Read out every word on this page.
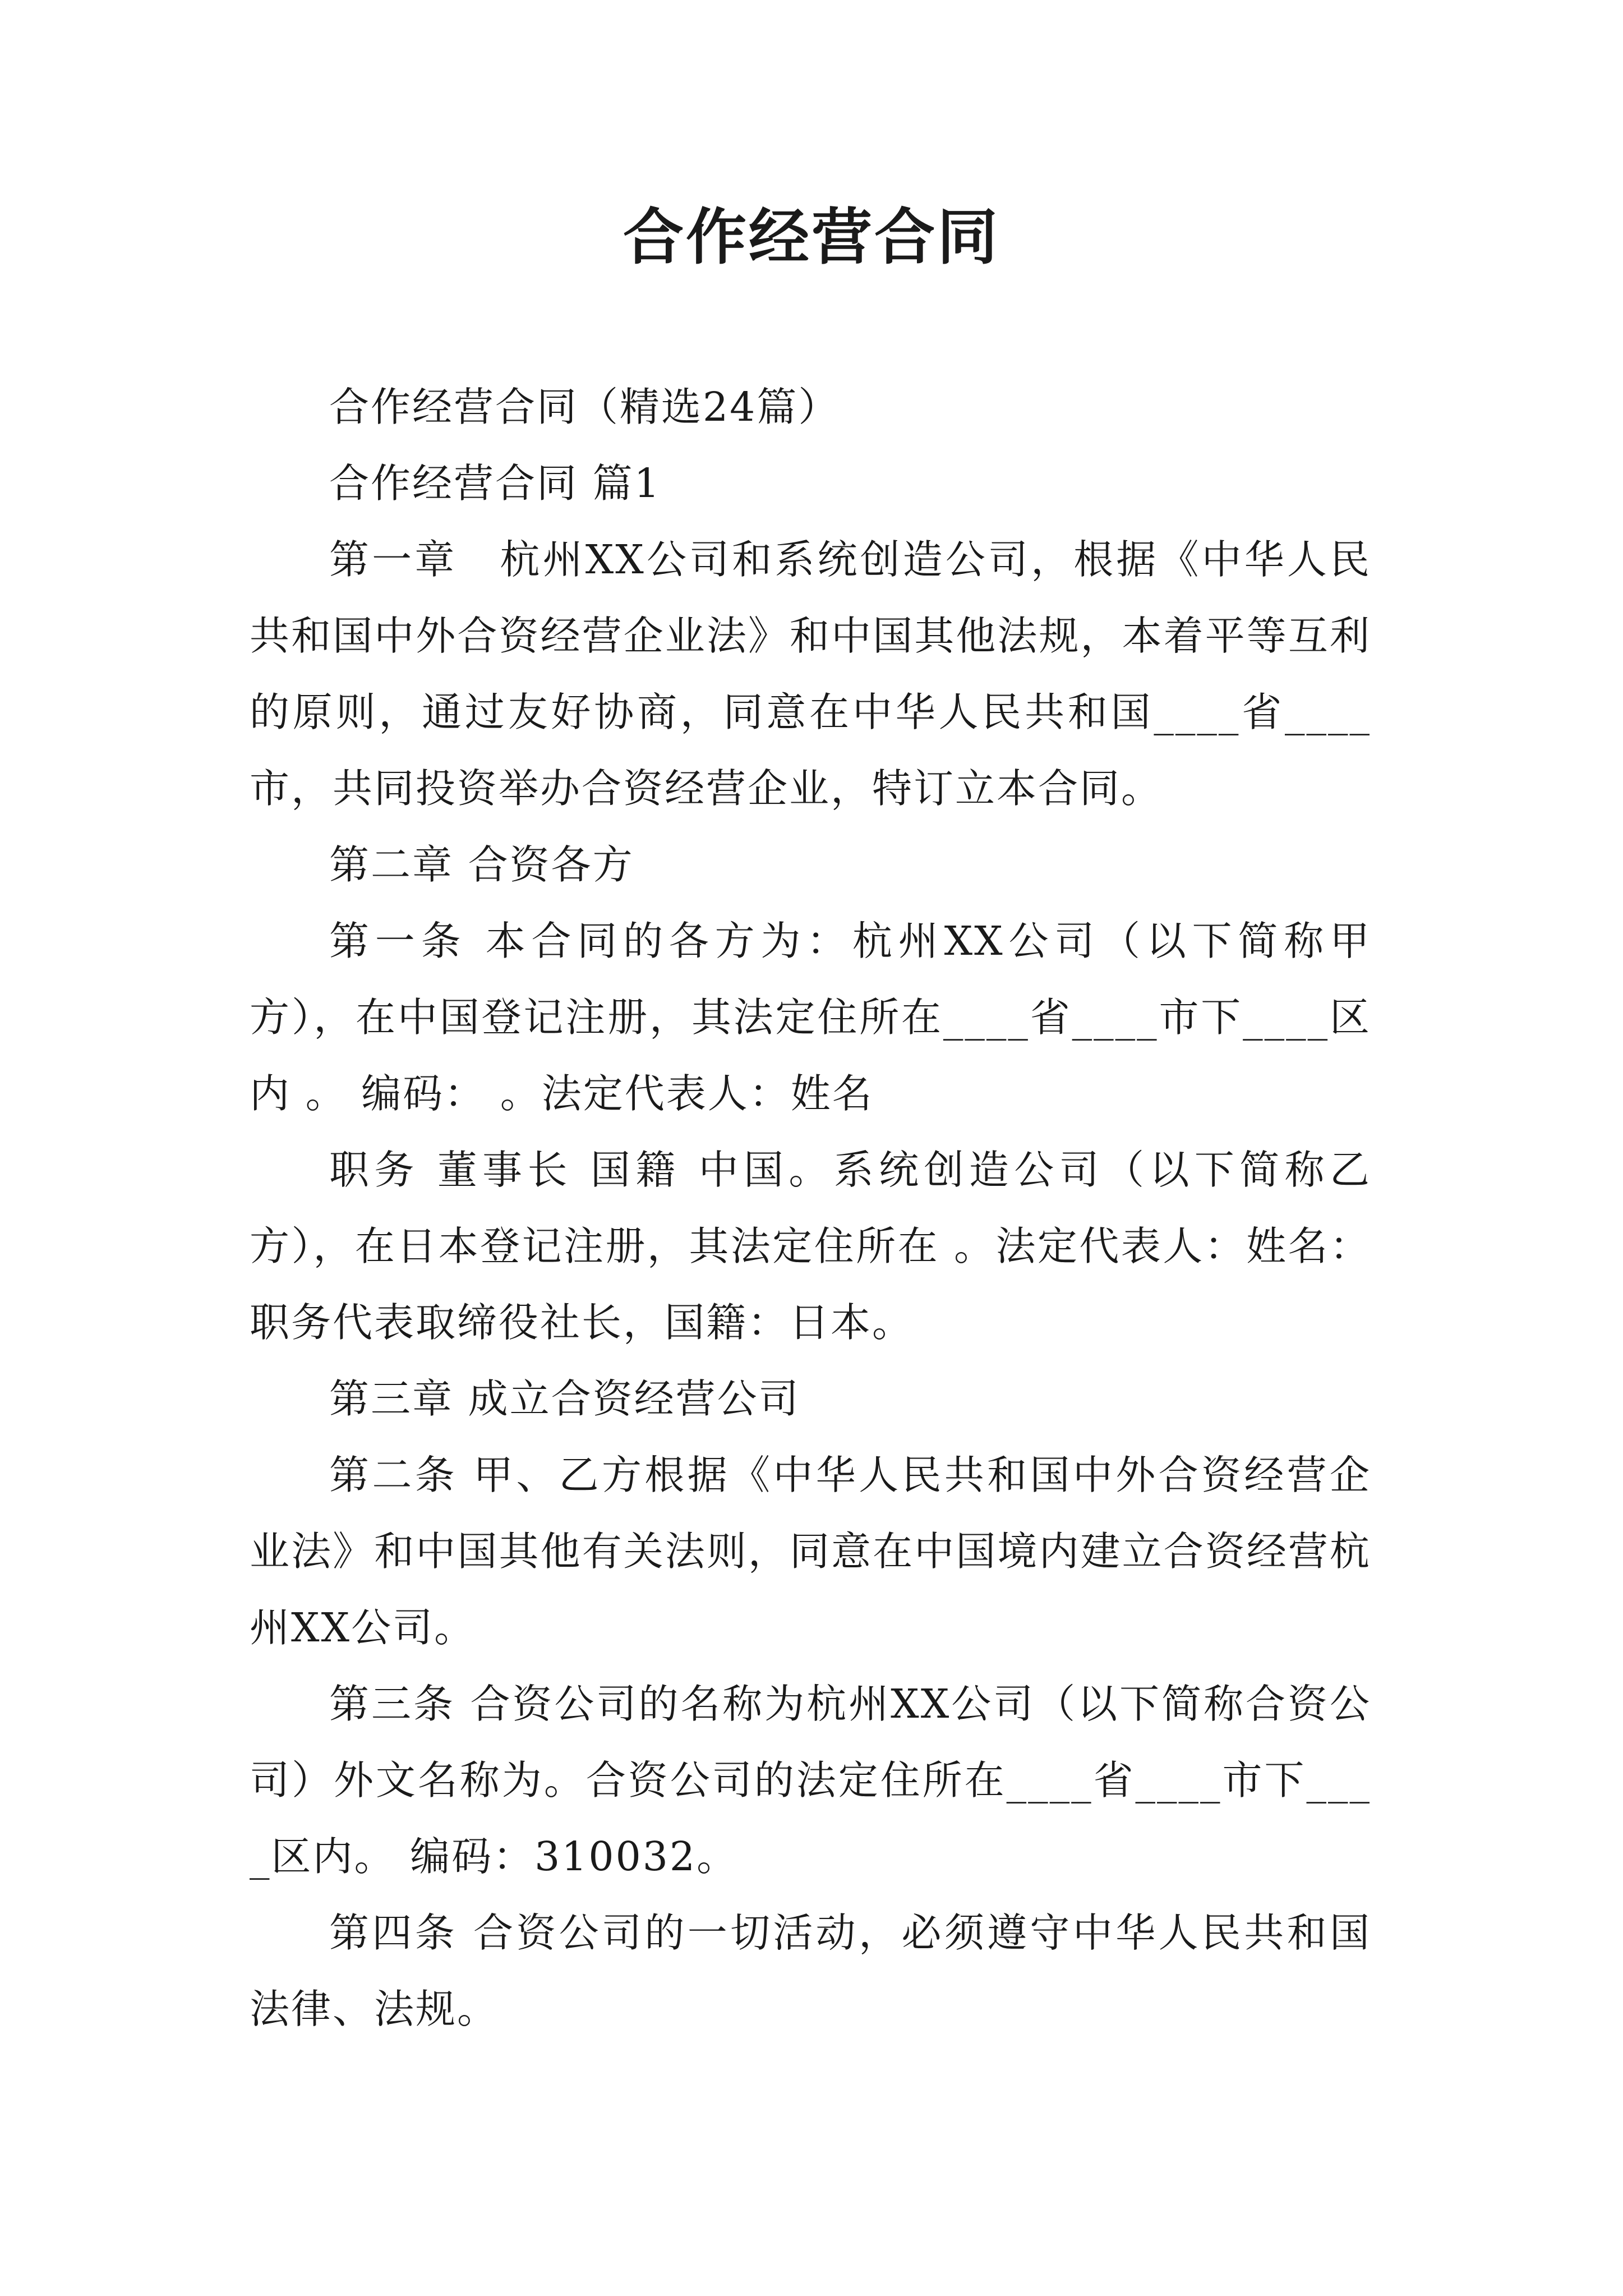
合作经营合同

合作经营合同（精选24篇）

合作经营合同 篇1

第一章　杭州XX公司和系统创造公司，根据《中华人民共和国中外合资经营企业法》和中国其他法规，本着平等互利的原则，通过友好协商，同意在中华人民共和国____省____市，共同投资举办合资经营企业，特订立本合同。

第二章 合资各方

第一条 本合同的各方为：杭州XX公司（以下简称甲方），在中国登记注册，其法定住所在____省____市下____区内 。 编码： 。法定代表人：姓名

职务 董事长 国籍 中国。系统创造公司（以下简称乙方），在日本登记注册，其法定住所在 。法定代表人：姓名：职务代表取缔役社长，国籍：日本。

第三章 成立合资经营公司

第二条 甲、乙方根据《中华人民共和国中外合资经营企业法》和中国其他有关法则，同意在中国境内建立合资经营杭州XX公司。

第三条 合资公司的名称为杭州XX公司（以下简称合资公司）外文名称为。合资公司的法定住所在____省____市下____区内。 编码：310032。

第四条 合资公司的一切活动，必须遵守中华人民共和国法律、法规。
